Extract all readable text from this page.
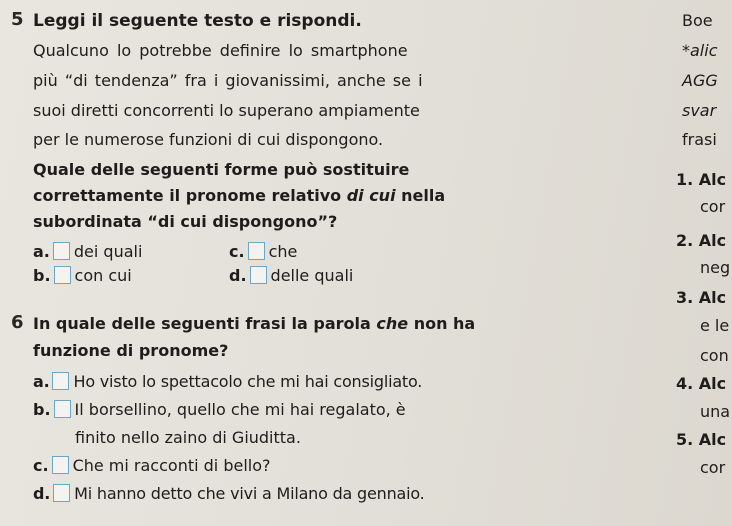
5 Leggi il seguente testo e rispondi.
Qualcuno lo potrebbe definire lo smartphone
più “di tendenza” fra i giovanissimi, anche se i
suoi diretti concorrenti lo superano ampiamente
per le numerose funzioni di cui dispongono.
Quale delle seguenti forme può sostituire
correttamente il pronome relativo di cui nella
subordinata “di cui dispongono”?
a. dei quali	c. che
b. con cui	d. delle quali
6 In quale delle seguenti frasi la parola che non ha
funzione di pronome?
a. Ho visto lo spettacolo che mi hai consigliato.
b. Il borsellino, quello che mi hai regalato, è
finito nello zaino di Giuditta.
c. Che mi racconti di bello?
d. Mi hanno detto che vivi a Milano da gennaio.
Boe
*alic
AGG
svar
frasi
1. Alc
cor
2. Alc
neg
3. Alc
e le
con
4. Alc
una
5. Alc
cor
